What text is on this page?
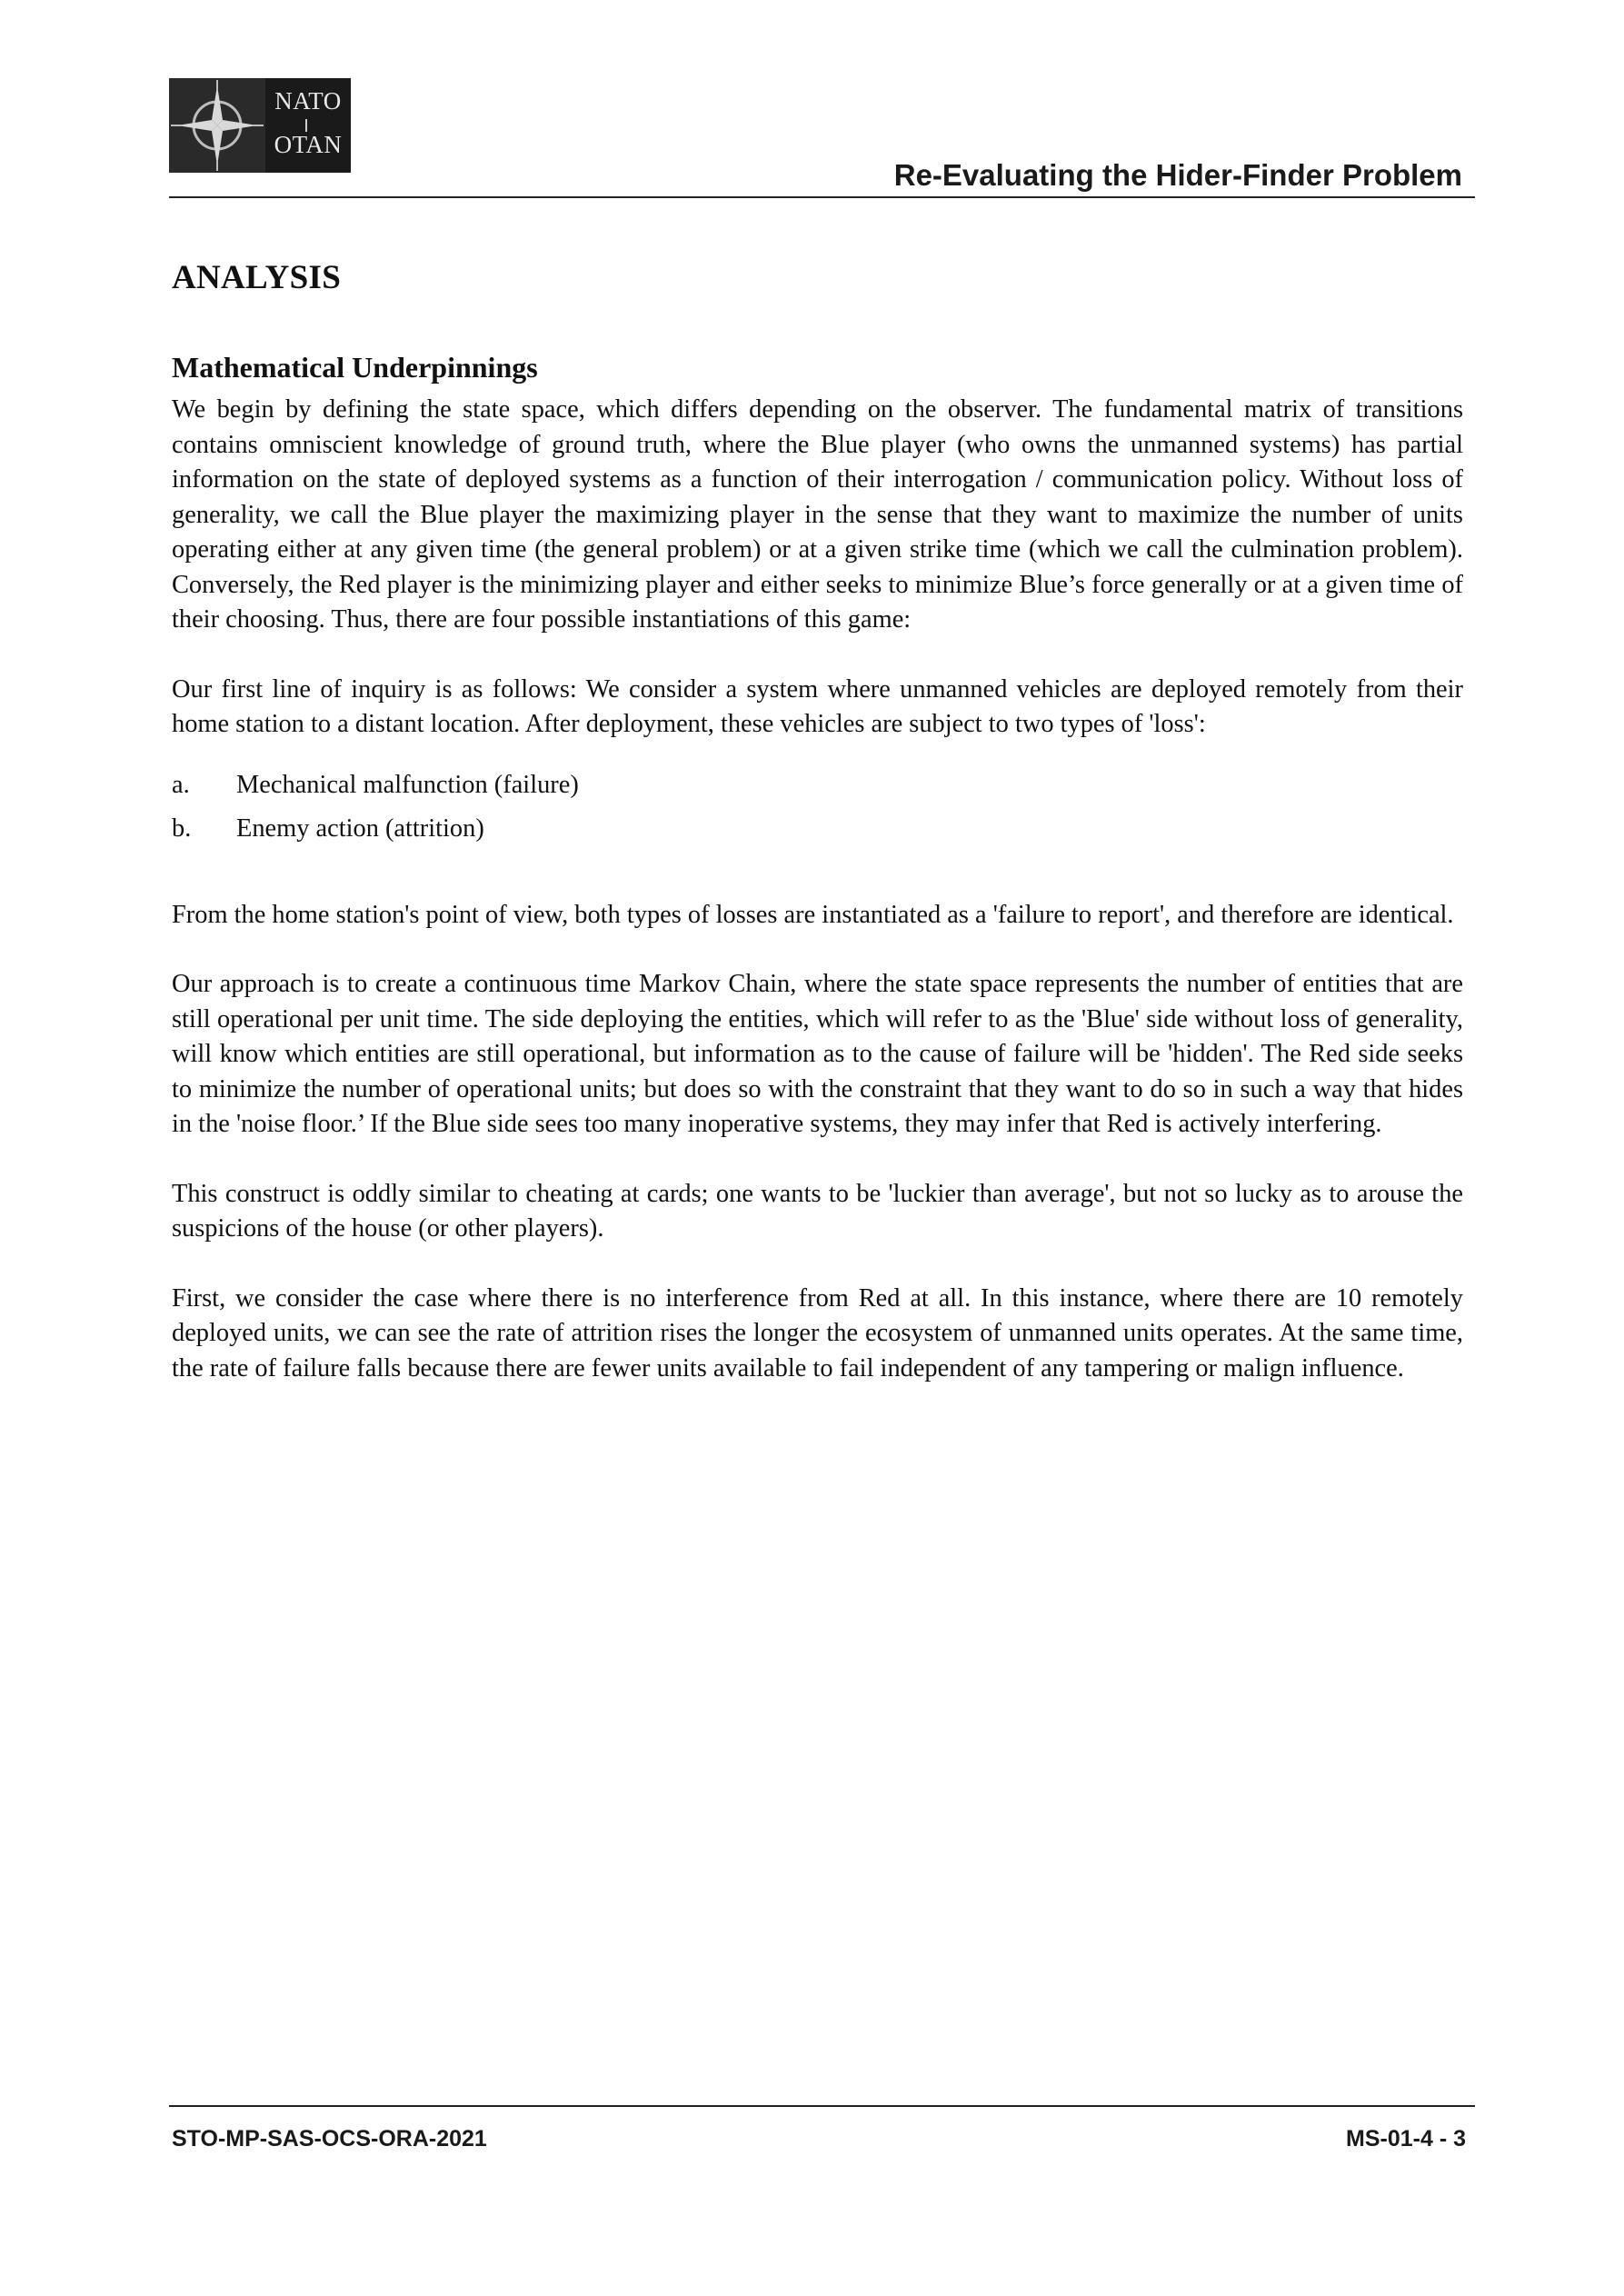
NATO
OTAN
Re-Evaluating the Hider-Finder Problem
ANALYSIS
Mathematical Underpinnings

We begin by defining the state space, which differs depending on the observer. The fundamental matrix of transitions contains omniscient knowledge of ground truth, where the Blue player (who owns the unmanned systems) has partial information on the state of deployed systems as a function of their interrogation / communication policy. Without loss of generality, we call the Blue player the maximizing player in the sense that they want to maximize the number of units operating either at any given time (the general problem) or at a given strike time (which we call the culmination problem). Conversely, the Red player is the minimizing player and either seeks to minimize Blue’s force generally or at a given time of their choosing. Thus, there are four possible instantiations of this game:

Our first line of inquiry is as follows: We consider a system where unmanned vehicles are deployed remotely from their home station to a distant location. After deployment, these vehicles are subject to two types of 'loss':

a.	Mechanical malfunction (failure)
b.	Enemy action (attrition)

From the home station's point of view, both types of losses are instantiated as a 'failure to report', and therefore are identical.

Our approach is to create a continuous time Markov Chain, where the state space represents the number of entities that are still operational per unit time. The side deploying the entities, which will refer to as the 'Blue' side without loss of generality, will know which entities are still operational, but information as to the cause of failure will be 'hidden'. The Red side seeks to minimize the number of operational units; but does so with the constraint that they want to do so in such a way that hides in the 'noise floor.’ If the Blue side sees too many inoperative systems, they may infer that Red is actively interfering.

This construct is oddly similar to cheating at cards; one wants to be 'luckier than average', but not so lucky as to arouse the suspicions of the house (or other players).

First, we consider the case where there is no interference from Red at all. In this instance, where there are 10 remotely deployed units, we can see the rate of attrition rises the longer the ecosystem of unmanned units operates. At the same time, the rate of failure falls because there are fewer units available to fail independent of any tampering or malign influence.

STO-MP-SAS-OCS-ORA-2021	MS-01-4 - 3
